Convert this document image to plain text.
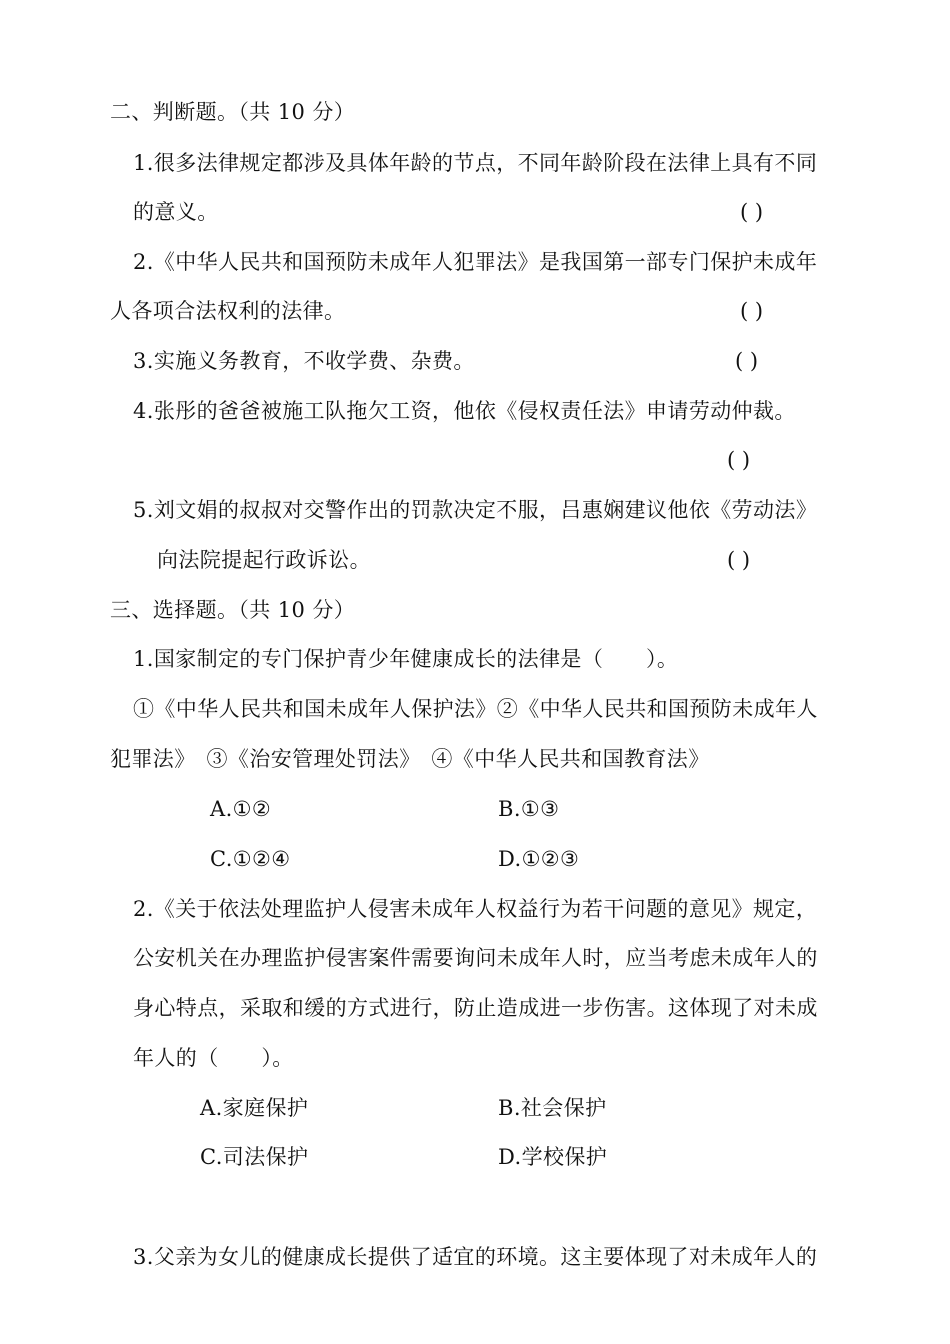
二、判断题。（共 10 分）
1.很多法律规定都涉及具体年龄的节点，不同年龄阶段在法律上具有不同
的意义。	( )
2.《中华人民共和国预防未成年人犯罪法》是我国第一部专门保护未成年
人各项合法权利的法律。	( )
3.实施义务教育，不收学费、杂费。	( )
4.张彤的爸爸被施工队拖欠工资，他依《侵权责任法》申请劳动仲裁。
( )
5.刘文娟的叔叔对交警作出的罚款决定不服，吕惠娴建议他依《劳动法》
向法院提起行政诉讼。	( )
三、选择题。（共 10 分）
1.国家制定的专门保护青少年健康成长的法律是（　　）。
①《中华人民共和国未成年人保护法》②《中华人民共和国预防未成年人
犯罪法》　③《治安管理处罚法》　④《中华人民共和国教育法》
A.①②	B.①③
C.①②④	D.①②③
2.《关于依法处理监护人侵害未成年人权益行为若干问题的意见》规定，
公安机关在办理监护侵害案件需要询问未成年人时，应当考虑未成年人的
身心特点，采取和缓的方式进行，防止造成进一步伤害。这体现了对未成
年人的（　　）。
A.家庭保护	B.社会保护
C.司法保护	D.学校保护
3.父亲为女儿的健康成长提供了适宜的环境。这主要体现了对未成年人的
